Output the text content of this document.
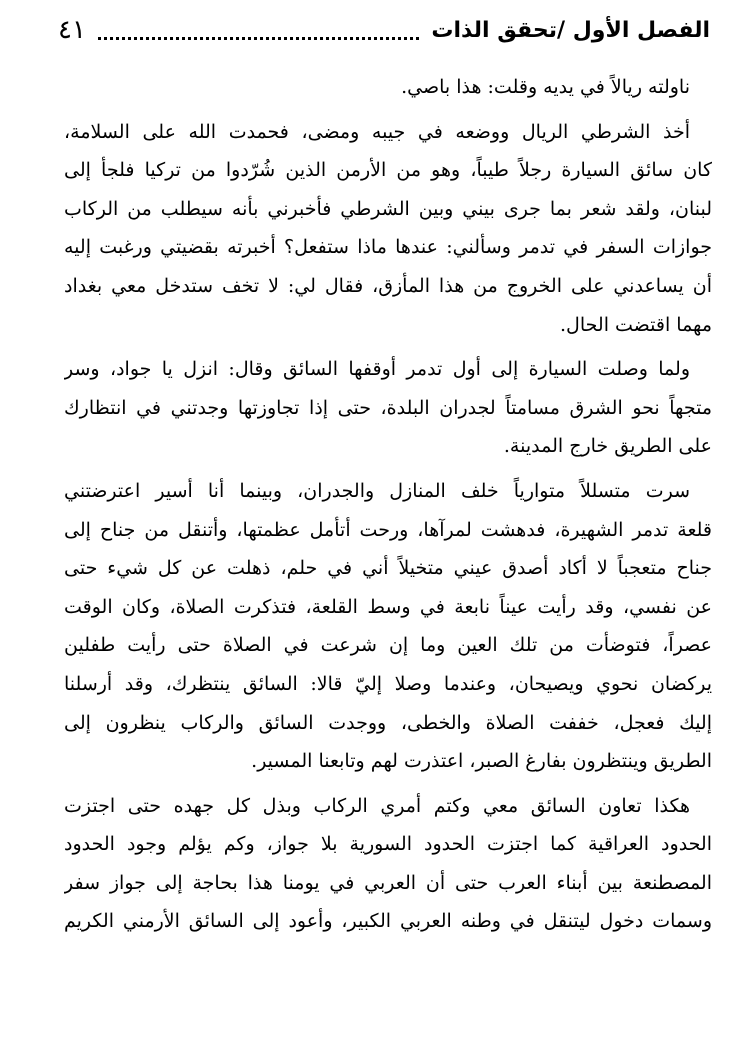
الفصل الأول /تحقق الذات
٤١
ناولته ريالاً في يديه وقلت: هذا باصي.
أخذ الشرطي الريال ووضعه في جيبه ومضى، فحمدت الله على السلامة،
كان سائق السيارة رجلاً طيباً، وهو من الأرمن الذين شُرّدوا من تركيا فلجأ إلى
لبنان، ولقد شعر بما جرى بيني وبين الشرطي فأخبرني بأنه سيطلب من الركاب
جوازات السفر في تدمر وسألني: عندها ماذا ستفعل؟ أخبرته بقضيتي ورغبت إليه
أن يساعدني على الخروج من هذا المأزق، فقال لي: لا تخف ستدخل معي بغداد
مهما اقتضت الحال.
ولما وصلت السيارة إلى أول تدمر أوقفها السائق وقال: انزل يا جواد، وسر
متجهاً نحو الشرق مسامتاً لجدران البلدة، حتى إذا تجاوزتها وجدتني في انتظارك
على الطريق خارج المدينة.
سرت متسللاً متوارياً خلف المنازل والجدران، وبينما أنا أسير اعترضتني
قلعة تدمر الشهيرة، فدهشت لمرآها، ورحت أتأمل عظمتها، وأتنقل من جناح إلى
جناح متعجباً لا أكاد أصدق عيني متخيلاً أني في حلم، ذهلت عن كل شيء حتى
عن نفسي، وقد رأيت عيناً نابعة في وسط القلعة، فتذكرت الصلاة، وكان الوقت
عصراً، فتوضأت من تلك العين وما إن شرعت في الصلاة حتى رأيت طفلين
يركضان نحوي ويصيحان، وعندما وصلا إليّ قالا: السائق ينتظرك، وقد أرسلنا
إليك فعجل، خففت الصلاة والخطى، ووجدت السائق والركاب ينظرون إلى
الطريق وينتظرون بفارغ الصبر، اعتذرت لهم وتابعنا المسير.
هكذا تعاون السائق معي وكتم أمري الركاب وبذل كل جهده حتى اجتزت
الحدود العراقية كما اجتزت الحدود السورية بلا جواز، وكم يؤلم وجود الحدود
المصطنعة بين أبناء العرب حتى أن العربي في يومنا هذا بحاجة إلى جواز سفر
وسمات دخول ليتنقل في وطنه العربي الكبير، وأعود إلى السائق الأرمني الكريم
